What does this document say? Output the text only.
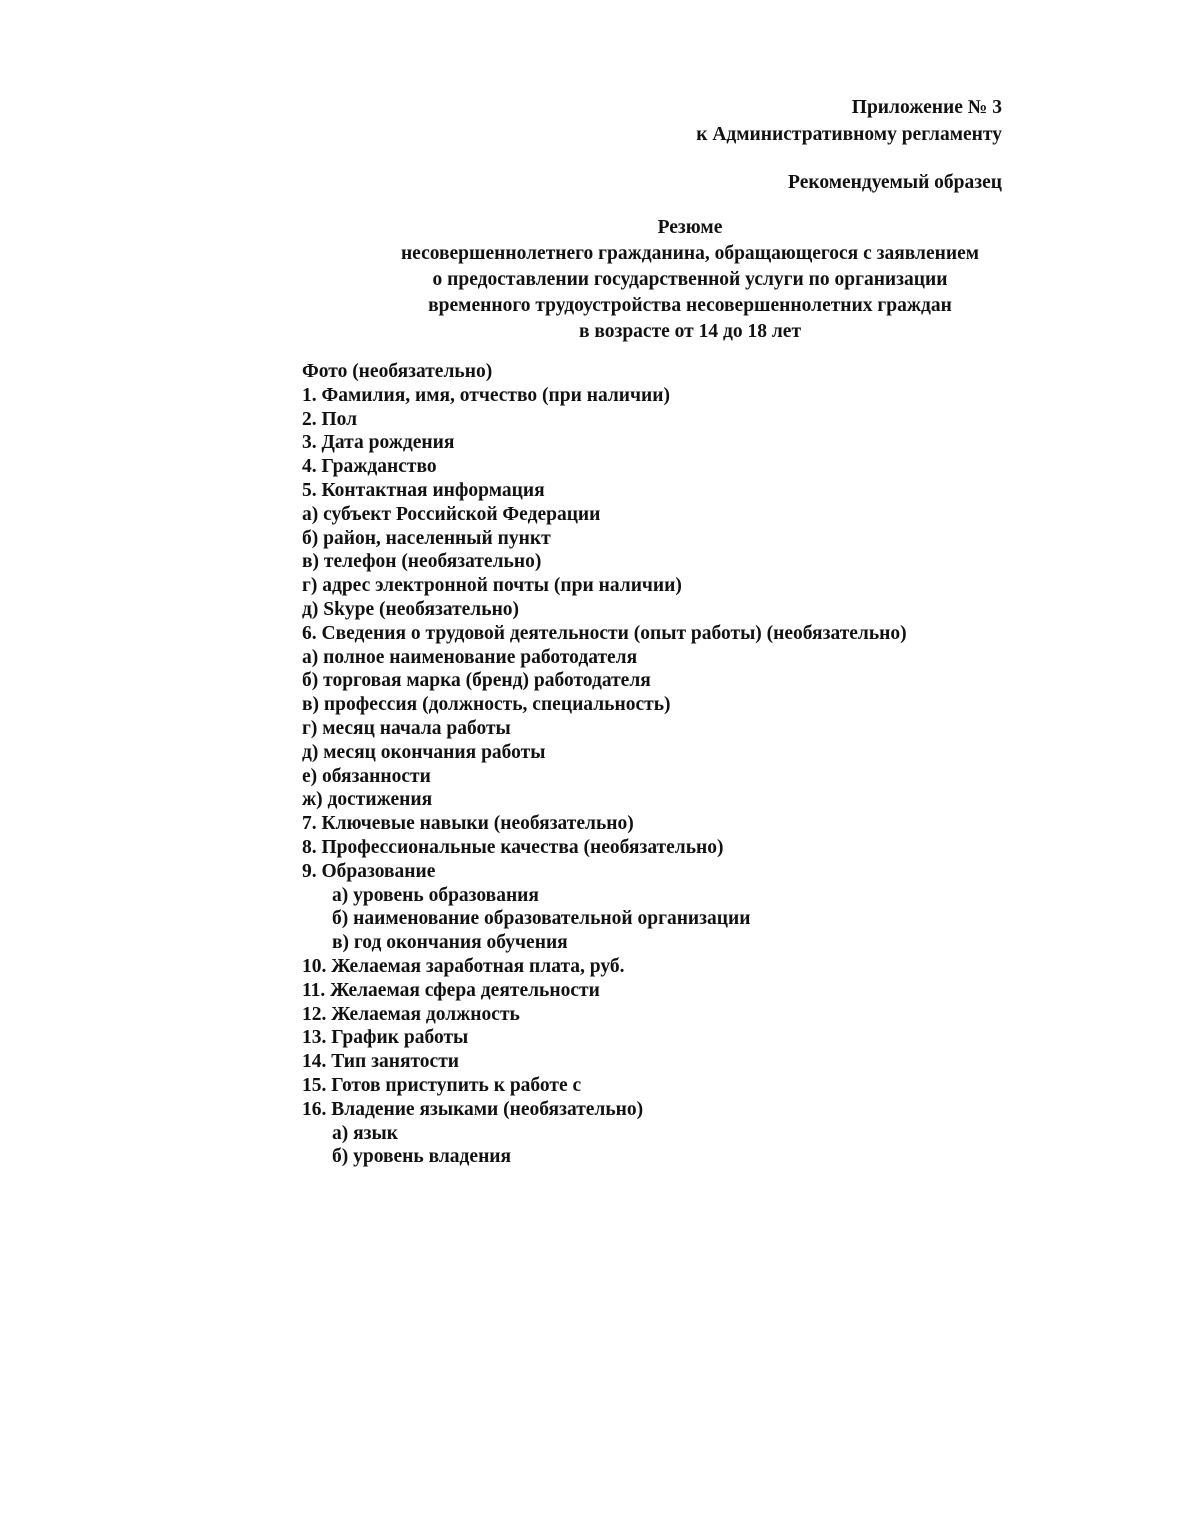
Приложение № 3
к Административному регламенту
Рекомендуемый образец
Резюме
несовершеннолетнего гражданина, обращающегося с заявлением
о предоставлении государственной услуги по организации
временного трудоустройства несовершеннолетних граждан
в возрасте от 14 до 18 лет
Фото (необязательно)
1. Фамилия, имя, отчество (при наличии)
2. Пол
3. Дата рождения
4. Гражданство
5. Контактная информация
а) субъект Российской Федерации
б) район, населенный пункт
в) телефон (необязательно)
г) адрес электронной почты (при наличии)
д) Skype (необязательно)
6. Сведения о трудовой деятельности (опыт работы) (необязательно)
а) полное наименование работодателя
б) торговая марка (бренд) работодателя
в) профессия (должность, специальность)
г) месяц начала работы
д) месяц окончания работы
е) обязанности
ж) достижения
7. Ключевые навыки (необязательно)
8. Профессиональные качества (необязательно)
9. Образование
а) уровень образования
б) наименование образовательной организации
в) год окончания обучения
10. Желаемая заработная плата, руб.
11. Желаемая сфера деятельности
12. Желаемая должность
13. График работы
14. Тип занятости
15. Готов приступить к работе с
16. Владение языками (необязательно)
а) язык
б) уровень владения
